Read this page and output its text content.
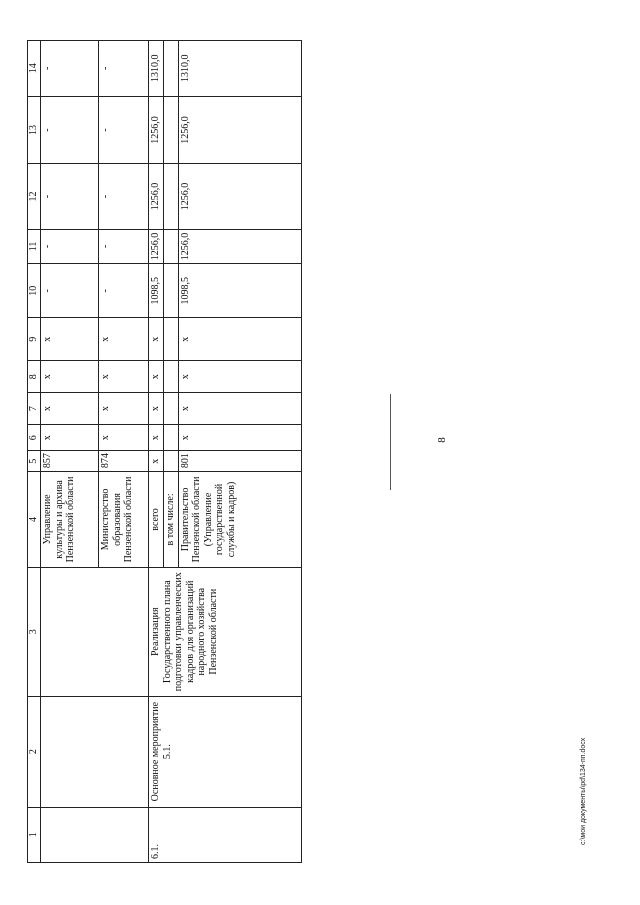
8
1	2	3	4	5	6	7	8	9	10	11	12	13	14
			Управление культуры и архива Пензенской области	857	х	х	х	х	-	-	-	-	-
			Министерство образования Пензенской области	874	х	х	х	х	-	-	-	-	-
6.1.	Основное мероприятие 5.1.	Реализация Государственного плана подготовки управленческих кадров для организаций народного хозяйства Пензенской области	всего	х	х	х	х	х	1098,5	1256,0	1256,0	1256,0	1310,0
			в том числе:										
			Правительство Пензенской области (Управление государственной службы и кадров)	801	х	х	х	х	1098,5	1256,0	1256,0	1256,0	1310,0
c:\мои документы\pd\134-пп.docx
